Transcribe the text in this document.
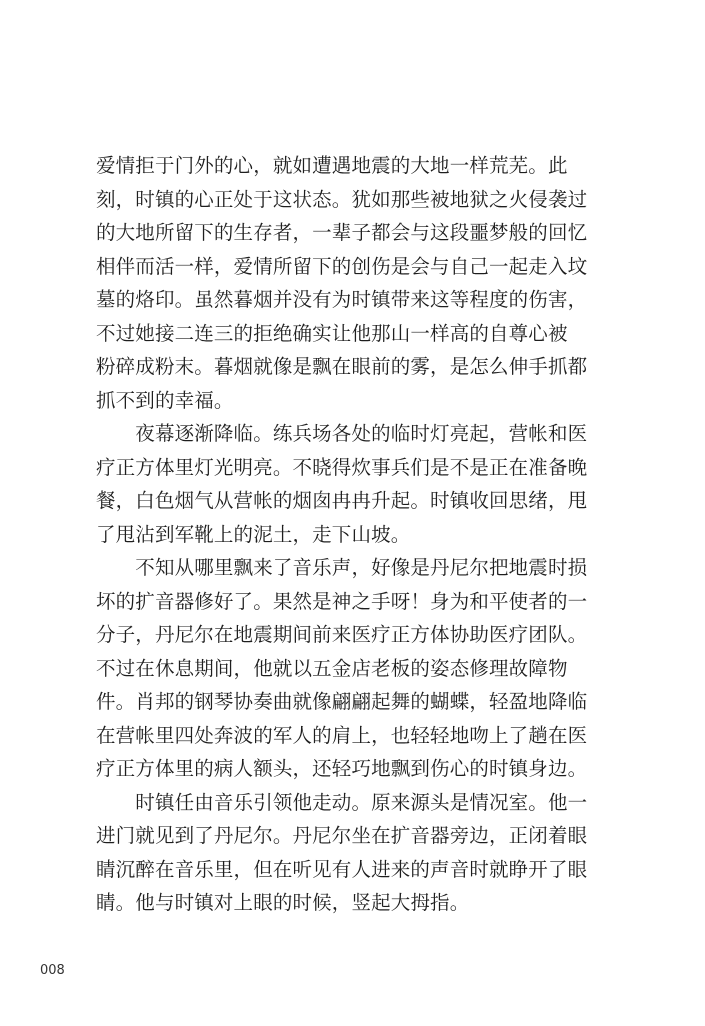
爱情拒于门外的心，就如遭遇地震的大地一样荒芜。此
刻，时镇的心正处于这状态。犹如那些被地狱之火侵袭过
的大地所留下的生存者，一辈子都会与这段噩梦般的回忆
相伴而活一样，爱情所留下的创伤是会与自己一起走入坟
墓的烙印。虽然暮烟并没有为时镇带来这等程度的伤害，
不过她接二连三的拒绝确实让他那山一样高的自尊心被
粉碎成粉末。暮烟就像是飘在眼前的雾，是怎么伸手抓都
抓不到的幸福。
　　夜幕逐渐降临。练兵场各处的临时灯亮起，营帐和医
疗正方体里灯光明亮。不晓得炊事兵们是不是正在准备晚
餐，白色烟气从营帐的烟囱冉冉升起。时镇收回思绪，甩
了甩沾到军靴上的泥土，走下山坡。
　　不知从哪里飘来了音乐声，好像是丹尼尔把地震时损
坏的扩音器修好了。果然是神之手呀！身为和平使者的一
分子，丹尼尔在地震期间前来医疗正方体协助医疗团队。
不过在休息期间，他就以五金店老板的姿态修理故障物
件。肖邦的钢琴协奏曲就像翩翩起舞的蝴蝶，轻盈地降临
在营帐里四处奔波的军人的肩上，也轻轻地吻上了趟在医
疗正方体里的病人额头，还轻巧地飘到伤心的时镇身边。
　　时镇任由音乐引领他走动。原来源头是情况室。他一
进门就见到了丹尼尔。丹尼尔坐在扩音器旁边，正闭着眼
睛沉醉在音乐里，但在听见有人进来的声音时就睁开了眼
睛。他与时镇对上眼的时候，竖起大拇指。
008
